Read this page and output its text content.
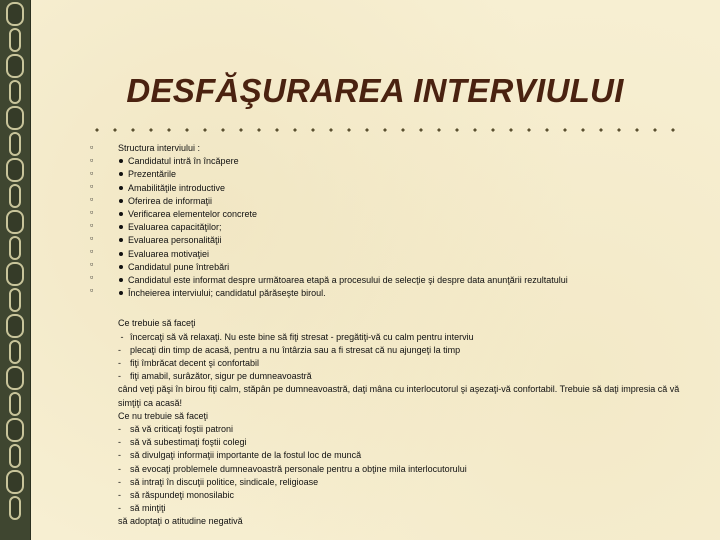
DESFĂŞURAREA INTERVIULUI

Structura interviului :

Candidatul intră în încăpere
Prezentările
Amabilităţile introductive
Oferirea de informaţii
Verificarea elementelor concrete
Evaluarea capacităţilor;
Evaluarea personalităţii
Evaluarea motivaţiei
Candidatul pune întrebări
Candidatul este informat despre următoarea etapă a procesului de selecţie şi despre data anunţării rezultatului
Încheierea interviului; candidatul părăseşte biroul.

Ce trebuie să faceţi

- încercaţi să vă relaxaţi. Nu este bine să fiţi stresat - pregătiţi-vă cu calm pentru interviu
- plecaţi din timp de acasă, pentru a nu întârzia sau a fi stresat că nu ajungeţi la timp
- fiţi îmbrăcat decent şi confortabil
- fiţi amabil, surâzător, sigur pe dumneavoastră

când veţi păşi în birou fiţi calm, stăpân pe dumneavoastră, daţi mâna cu interlocutorul şi aşezaţi-vă confortabil. Trebuie să daţi impresia că vă simţiţi ca acasă!

Ce nu trebuie să faceţi

- să vă criticaţi foştii patroni
- să vă subestimaţi foştii colegi
- să divulgaţi informaţii importante de la fostul loc de muncă
- să evocaţi problemele dumneavoastră personale pentru a obţine mila interlocutorului
- să intraţi în discuţii politice, sindicale, religioase
- să răspundeţi monosilabic
- să minţiţi

să adoptaţi o atitudine negativă

▫
▫
▫
▫
▫
▫
▫
▫
▫
▫
▫
▫
